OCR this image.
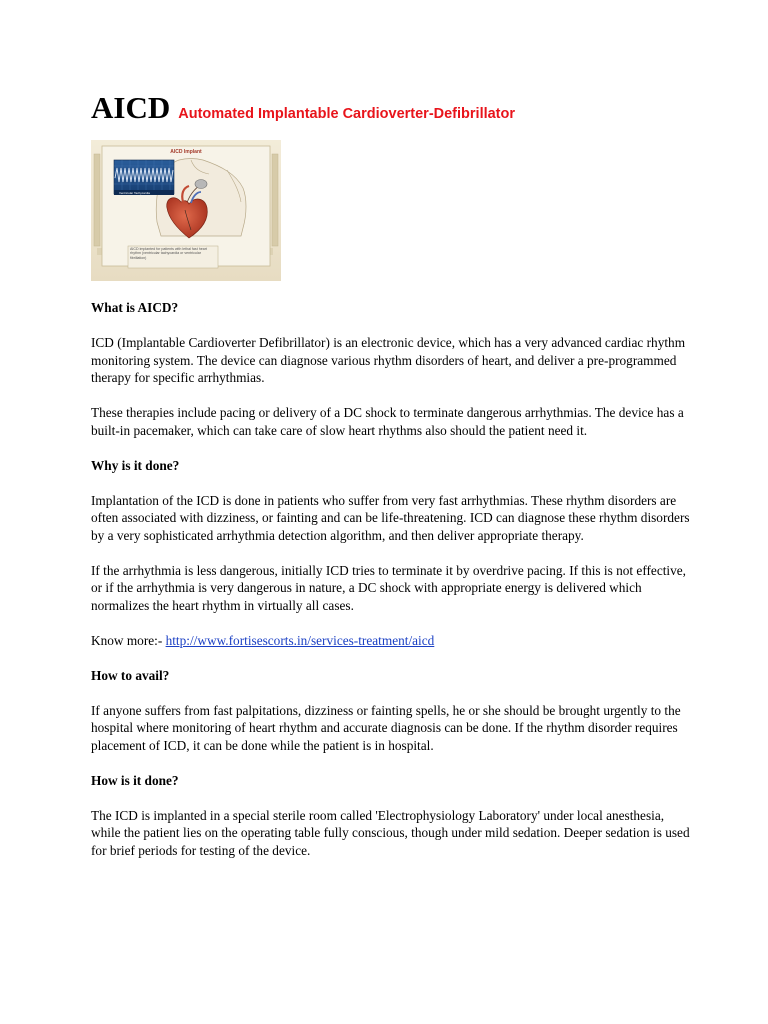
AICD Automated Implantable Cardioverter-Defibrillator
AICD Implant
Ventricular Tachycardia
AICD implanted for patients with lethal fast heart rhythm (ventricular tachycardia or ventricular fibrillation)
What is AICD?

ICD (Implantable Cardioverter Defibrillator) is an electronic device, which has a very advanced cardiac rhythm monitoring system. The device can diagnose various rhythm disorders of heart, and deliver a pre-programmed therapy for specific arrhythmias.

These therapies include pacing or delivery of a DC shock to terminate dangerous arrhythmias. The device has a built-in pacemaker, which can take care of slow heart rhythms also should the patient need it.

Why is it done?

Implantation of the ICD is done in patients who suffer from very fast arrhythmias. These rhythm disorders are often associated with dizziness, or fainting and can be life-threatening. ICD can diagnose these rhythm disorders by a very sophisticated arrhythmia detection algorithm, and then deliver appropriate therapy.

If the arrhythmia is less dangerous, initially ICD tries to terminate it by overdrive pacing. If this is not effective, or if the arrhythmia is very dangerous in nature, a DC shock with appropriate energy is delivered which normalizes the heart rhythm in virtually all cases.

Know more:- http://www.fortisescorts.in/services-treatment/aicd

How to avail?

If anyone suffers from fast palpitations, dizziness or fainting spells, he or she should be brought urgently to the hospital where monitoring of heart rhythm and accurate diagnosis can be done. If the rhythm disorder requires placement of ICD, it can be done while the patient is in hospital.

How is it done?

The ICD is implanted in a special sterile room called 'Electrophysiology Laboratory' under local anesthesia, while the patient lies on the operating table fully conscious, though under mild sedation. Deeper sedation is used for brief periods for testing of the device.
